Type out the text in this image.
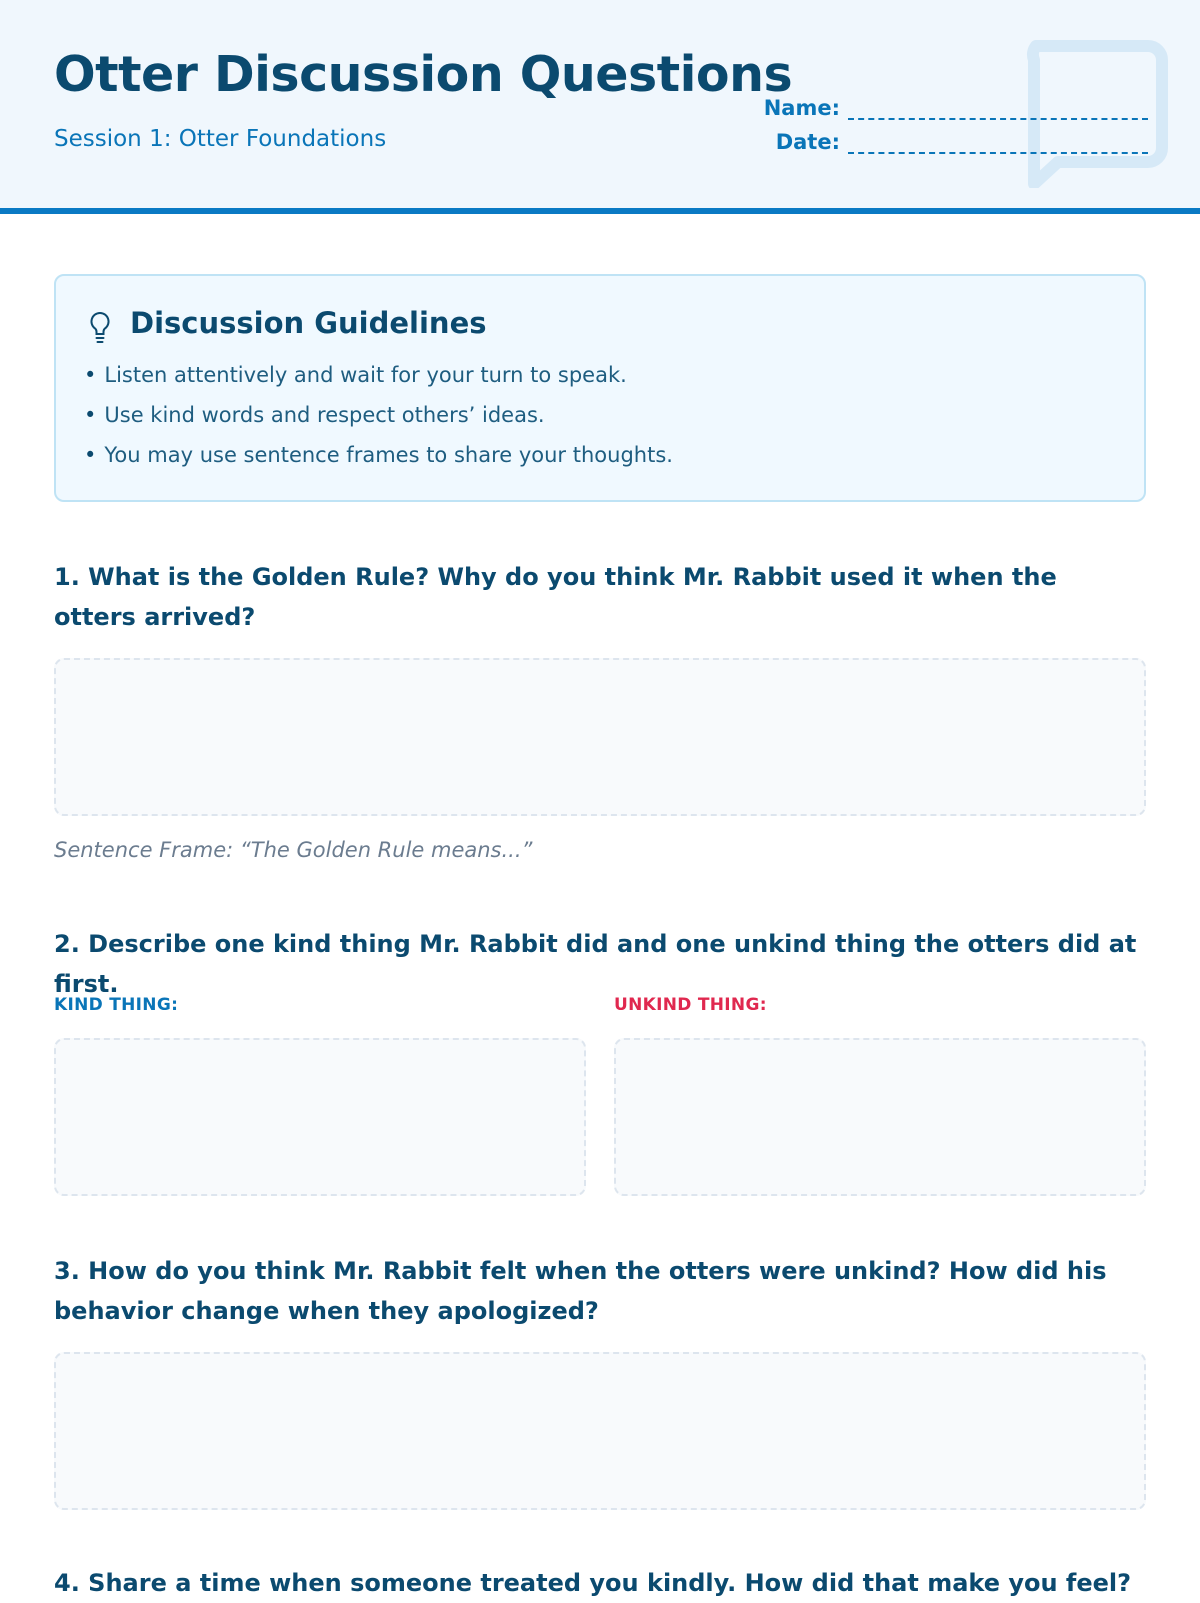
Otter Discussion Questions
Session 1: Otter Foundations
Name:
Date:
Discussion Guidelines
• Listen attentively and wait for your turn to speak.
• Use kind words and respect others’ ideas.
• You may use sentence frames to share your thoughts.

1. What is the Golden Rule? Why do you think Mr. Rabbit used it when the otters arrived?

Sentence Frame: “The Golden Rule means...”

2. Describe one kind thing Mr. Rabbit did and one unkind thing the otters did at first.

KIND THING:	UNKIND THING:

3. How do you think Mr. Rabbit felt when the otters were unkind? How did his behavior change when they apologized?

4. Share a time when someone treated you kindly. How did that make you feel?
